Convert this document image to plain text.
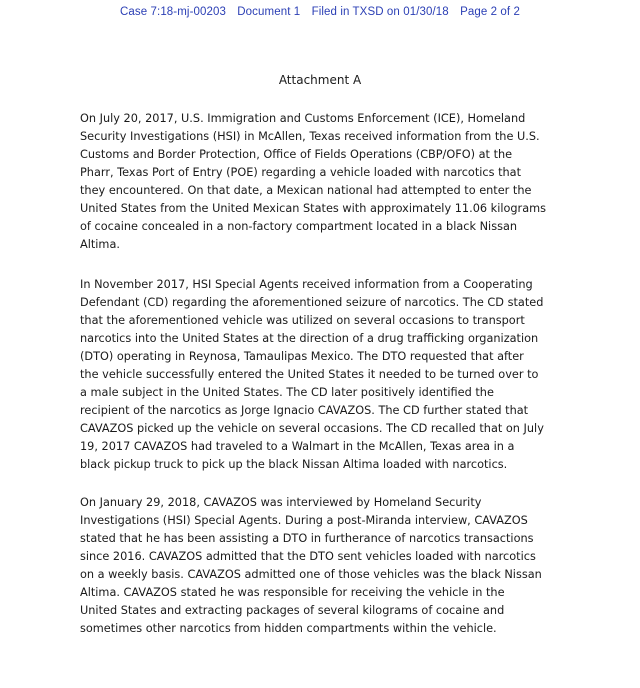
Case 7:18-mj-00203 Document 1 Filed in TXSD on 01/30/18 Page 2 of 2
Attachment A
On July 20, 2017, U.S. Immigration and Customs Enforcement (ICE), Homeland
Security Investigations (HSI) in McAllen, Texas received information from the U.S.
Customs and Border Protection, Office of Fields Operations (CBP/OFO) at the
Pharr, Texas Port of Entry (POE) regarding a vehicle loaded with narcotics that
they encountered. On that date, a Mexican national had attempted to enter the
United States from the United Mexican States with approximately 11.06 kilograms
of cocaine concealed in a non-factory compartment located in a black Nissan
Altima.
In November 2017, HSI Special Agents received information from a Cooperating
Defendant (CD) regarding the aforementioned seizure of narcotics. The CD stated
that the aforementioned vehicle was utilized on several occasions to transport
narcotics into the United States at the direction of a drug trafficking organization
(DTO) operating in Reynosa, Tamaulipas Mexico. The DTO requested that after
the vehicle successfully entered the United States it needed to be turned over to
a male subject in the United States. The CD later positively identified the
recipient of the narcotics as Jorge Ignacio CAVAZOS. The CD further stated that
CAVAZOS picked up the vehicle on several occasions. The CD recalled that on July
19, 2017 CAVAZOS had traveled to a Walmart in the McAllen, Texas area in a
black pickup truck to pick up the black Nissan Altima loaded with narcotics.
On January 29, 2018, CAVAZOS was interviewed by Homeland Security
Investigations (HSI) Special Agents. During a post-Miranda interview, CAVAZOS
stated that he has been assisting a DTO in furtherance of narcotics transactions
since 2016. CAVAZOS admitted that the DTO sent vehicles loaded with narcotics
on a weekly basis. CAVAZOS admitted one of those vehicles was the black Nissan
Altima. CAVAZOS stated he was responsible for receiving the vehicle in the
United States and extracting packages of several kilograms of cocaine and
sometimes other narcotics from hidden compartments within the vehicle.
